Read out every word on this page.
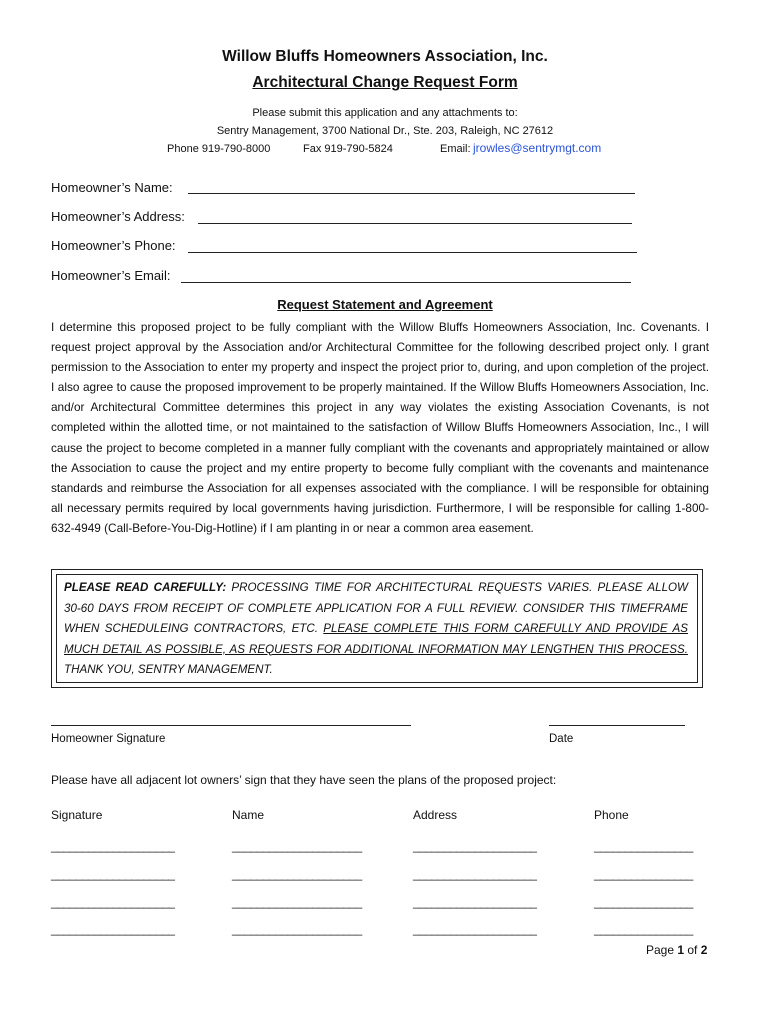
Willow Bluffs Homeowners Association, Inc.
Architectural Change Request Form
Please submit this application and any attachments to:
Sentry Management, 3700 National Dr., Ste. 203, Raleigh, NC 27612
Phone 919-790-8000	Fax 919-790-5824	Email: jrowles@sentrymgt.com
Homeowner’s Name:
Homeowner’s Address:
Homeowner’s Phone:
Homeowner’s Email:
Request Statement and Agreement
I determine this proposed project to be fully compliant with the Willow Bluffs Homeowners Association, Inc. Covenants. I request project approval by the Association and/or Architectural Committee for the following described project only. I grant permission to the Association to enter my property and inspect the project prior to, during, and upon completion of the project. I also agree to cause the proposed improvement to be properly maintained. If the Willow Bluffs Homeowners Association, Inc. and/or Architectural Committee determines this project in any way violates the existing Association Covenants, is not completed within the allotted time, or not maintained to the satisfaction of Willow Bluffs Homeowners Association, Inc., I will cause the project to become completed in a manner fully compliant with the covenants and appropriately maintained or allow the Association to cause the project and my entire property to become fully compliant with the covenants and maintenance standards and reimburse the Association for all expenses associated with the compliance. I will be responsible for obtaining all necessary permits required by local governments having jurisdiction. Furthermore, I will be responsible for calling 1-800-632-4949 (Call-Before-You-Dig-Hotline) if I am planting in or near a common area easement.
PLEASE READ CAREFULLY: PROCESSING TIME FOR ARCHITECTURAL REQUESTS VARIES. PLEASE ALLOW 30-60 DAYS FROM RECEIPT OF COMPLETE APPLICATION FOR A FULL REVIEW. CONSIDER THIS TIMEFRAME WHEN SCHEDULEING CONTRACTORS, ETC. PLEASE COMPLETE THIS FORM CAREFULLY AND PROVIDE AS MUCH DETAIL AS POSSIBLE, AS REQUESTS FOR ADDITIONAL INFORMATION MAY LENGTHEN THIS PROCESS. THANK YOU, SENTRY MANAGEMENT.
Homeowner Signature	Date
Please have all adjacent lot owners’ sign that they have seen the plans of the proposed project:
Signature	Name	Address	Phone
____________________	_____________________	____________________	________________
____________________	_____________________	____________________	________________
____________________	_____________________	____________________	________________
____________________	_____________________	____________________	________________
Page 1 of 2
